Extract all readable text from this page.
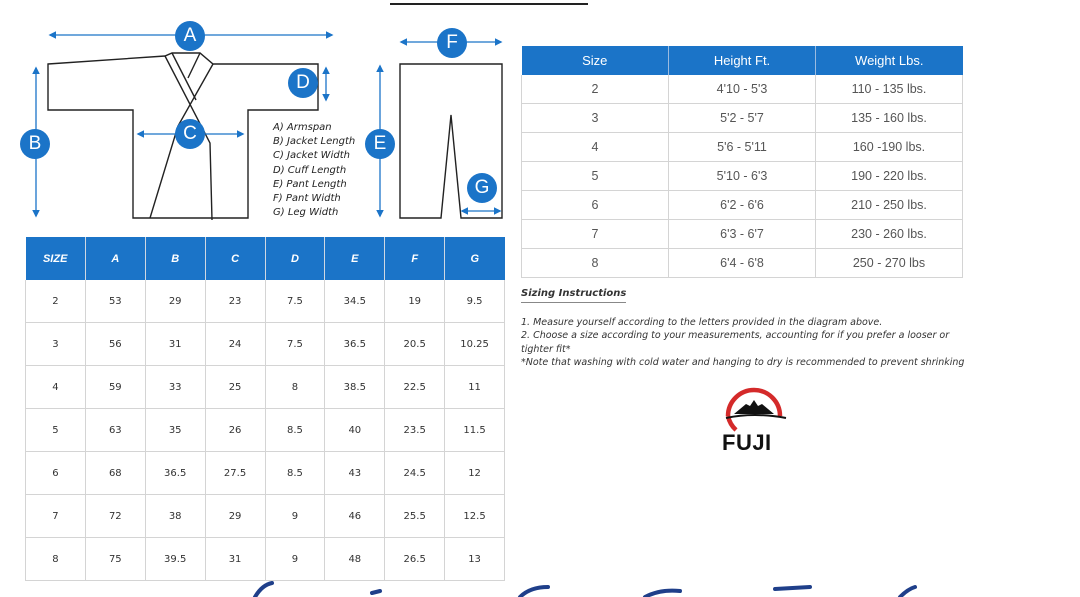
A
B	C
D
E
F
G
A) Armspan
B) Jacket Length
C) Jacket Width
D) Cuff Length
E) Pant Length
F) Pant Width
G) Leg Width
SIZE	A	B	C	D	E	F	G
2	53	29	23	7.5	34.5	19	9.5
3	56	31	24	7.5	36.5	20.5	10.25
4	59	33	25	8	38.5	22.5	11
5	63	35	26	8.5	40	23.5	11.5
6	68	36.5	27.5	8.5	43	24.5	12
7	72	38	29	9	46	25.5	12.5
8	75	39.5	31	9	48	26.5	13
Size	Height Ft.	Weight Lbs.
2	4'10 - 5'3	110 - 135 lbs.
3	5'2 - 5'7	135 - 160 lbs.
4	5'6 - 5'11	160 -190 lbs.
5	5'10 - 6'3	190 - 220 lbs.
6	6'2 - 6'6	210 - 250 lbs.
7	6'3 - 6'7	230 - 260 lbs.
8	6'4 - 6'8	250 - 270 lbs
Sizing Instructions
1. Measure yourself according to the letters provided in the diagram above.
2. Choose a size according to your measurements, accounting for if you prefer a looser or tighter fit*
*Note that washing with cold water and hanging to dry is recommended to prevent shrinking
FUJI
